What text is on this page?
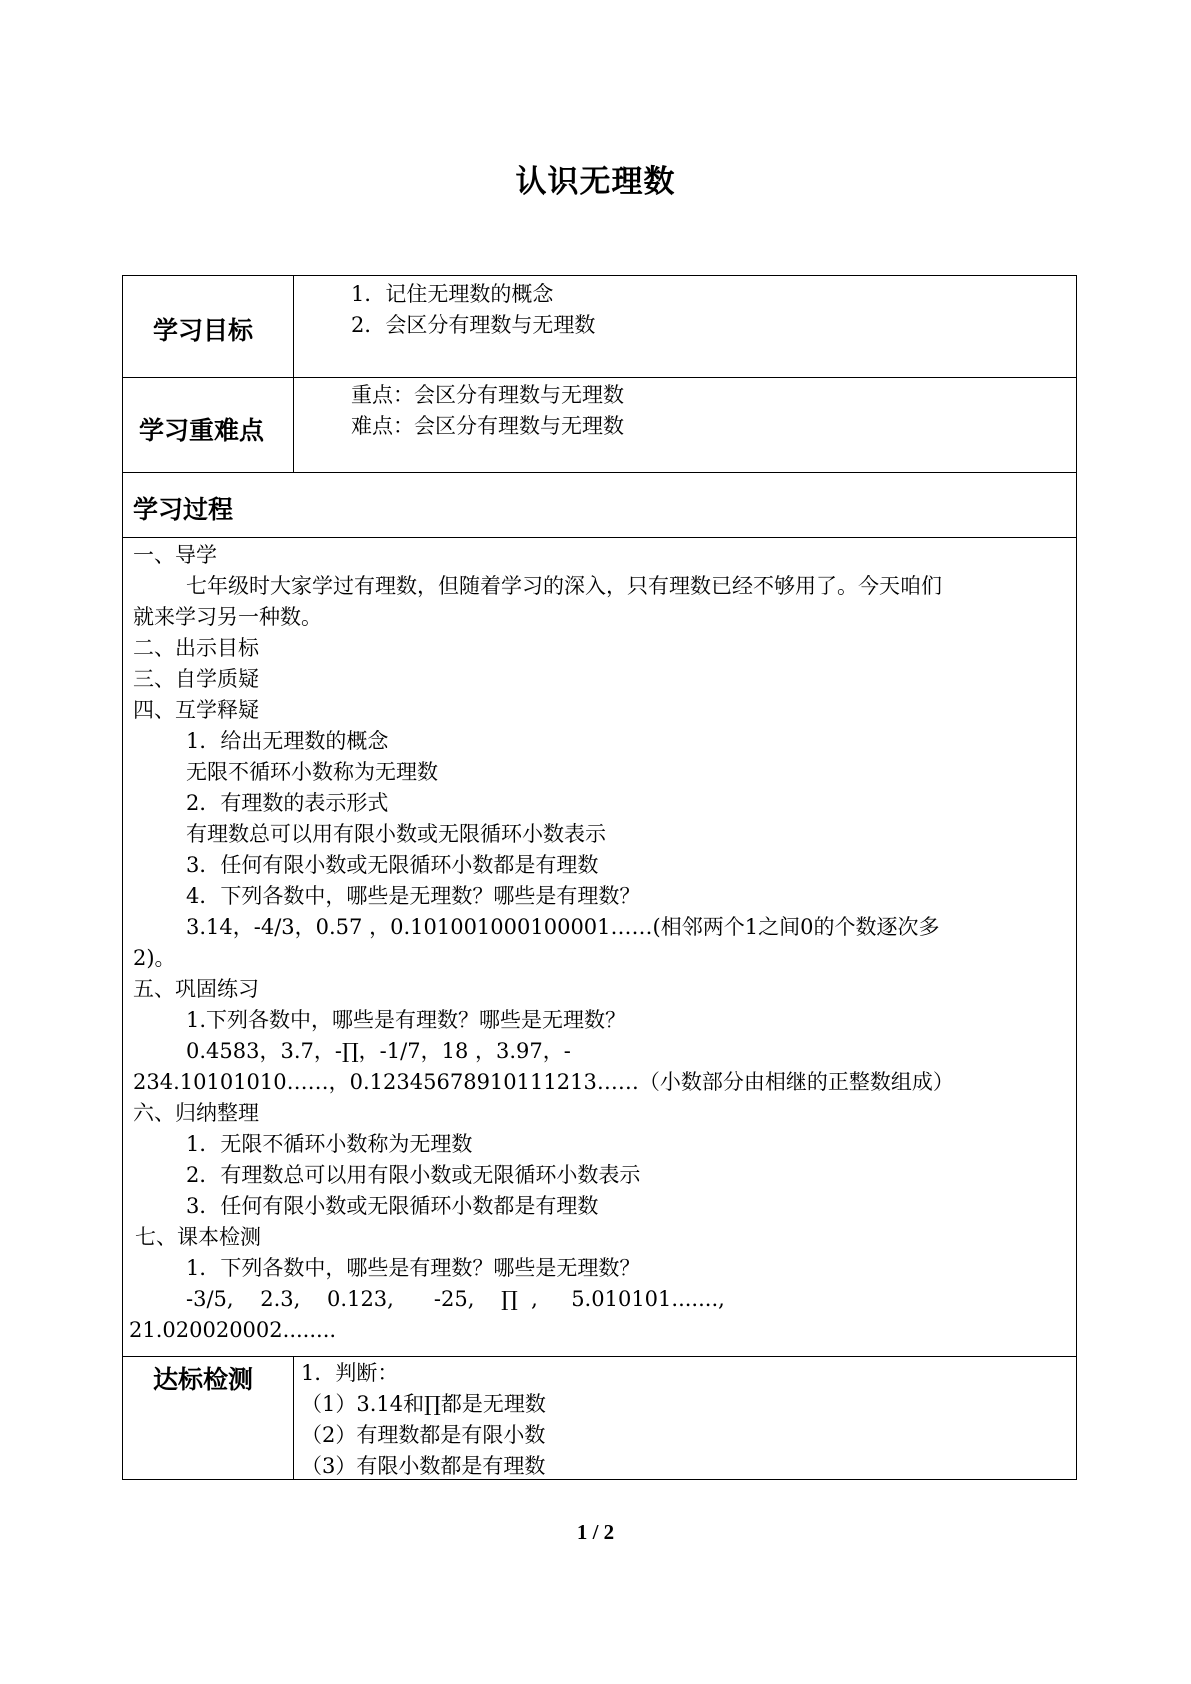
认识无理数
学习目标
1．记住无理数的概念
2．会区分有理数与无理数
学习重难点
重点：会区分有理数与无理数
难点：会区分有理数与无理数
学习过程
一、导学
七年级时大家学过有理数，但随着学习的深入，只有理数已经不够用了。今天咱们
就来学习另一种数。
二、出示目标
三、自学质疑
四、互学释疑
1．给出无理数的概念
无限不循环小数称为无理数
2．有理数的表示形式
有理数总可以用有限小数或无限循环小数表示
3．任何有限小数或无限循环小数都是有理数
4．下列各数中，哪些是无理数？哪些是有理数？
3.14，-4/3，0.57 ，0.101001000100001……(相邻两个1之间0的个数逐次多
2)。
五、巩固练习
1.下列各数中，哪些是有理数？哪些是无理数？
0.4583，3.7，-∏，-1/7，18 ，3.97，-
234.10101010……，0.12345678910111213……（小数部分由相继的正整数组成）
六、归纳整理
1．无限不循环小数称为无理数
2．有理数总可以用有限小数或无限循环小数表示
3．任何有限小数或无限循环小数都是有理数
七、课本检测
1．下列各数中，哪些是有理数？哪些是无理数？
-3/5,    2.3,    0.123,      -25,    ∏  ,     5.010101.......,
21.020020002........
达标检测 1．判断：
（1）3.14和∏都是无理数
（2）有理数都是有限小数
（3）有限小数都是有理数
1 / 2
